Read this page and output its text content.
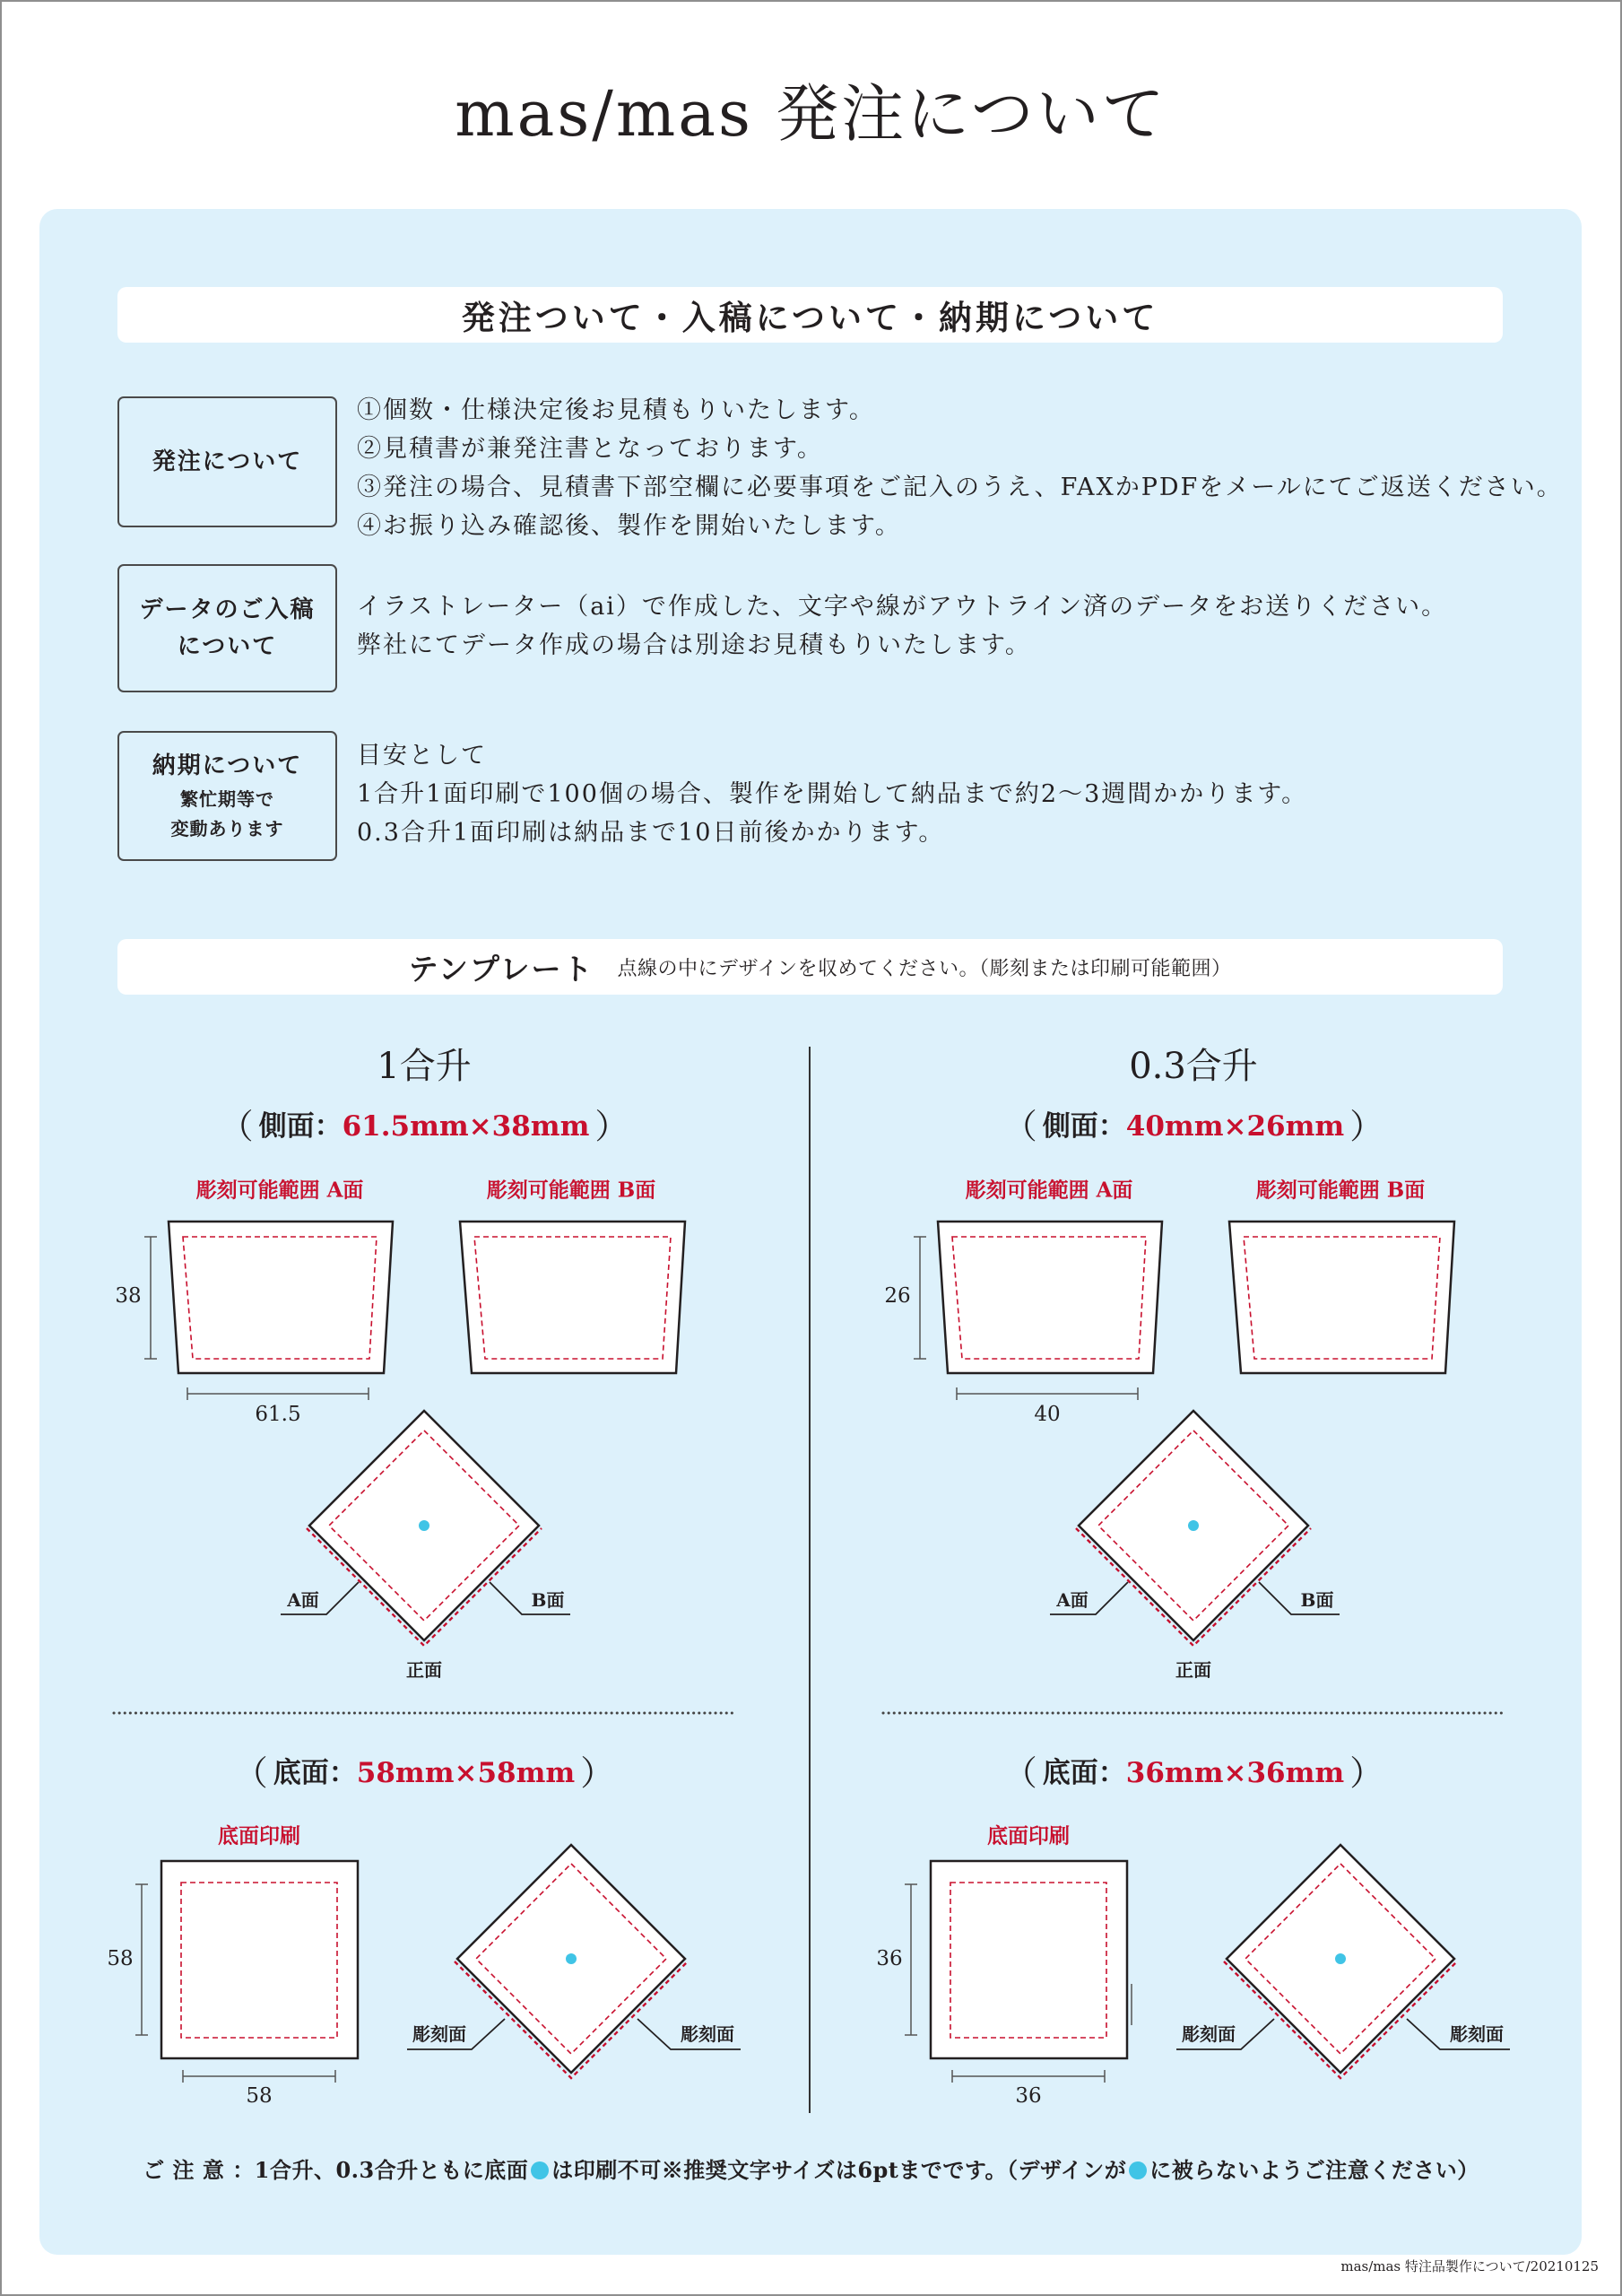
mas/mas 発注について
発注ついて・入稿について・納期について
発注について
①個数・仕様決定後お見積もりいたします。
②見積書が兼発注書となっております。
③発注の場合、見積書下部空欄に必要事項をご記入のうえ、FAXかPDFをメールにてご返送ください。
④お振り込み確認後、製作を開始いたします。
データのご入稿
について
イラストレーター（ai）で作成した、文字や線がアウトライン済のデータをお送りください。
弊社にてデータ作成の場合は別途お見積もりいたします。
納期について
繁忙期等で
変動あります
目安として
1合升1面印刷で100個の場合、製作を開始して納品まで約2～3週間かかります。
0.3合升1面印刷は納品まで10日前後かかります。
テンプレート 点線の中にデザインを収めてください。（彫刻または印刷可能範囲）
1合升
（ 側面：61.5mm×38mm ）
彫刻可能範囲 A面	彫刻可能範囲 B面
38
61.5
A面	B面
正面
（ 底面：58mm×58mm ）
底面印刷
58
58
彫刻面	彫刻面
0.3合升
（ 側面：40mm×26mm ）
彫刻可能範囲 A面	彫刻可能範囲 B面
26
40
A面	B面
正面
（ 底面：36mm×36mm ）
底面印刷
36
36
彫刻面	彫刻面
ご 注 意 ：1合升、0.3合升ともに底面 は印刷不可※推奨文字サイズは6ptまでです。（デザインが に被らないようご注意ください）
mas/mas 特注品製作について/20210125
